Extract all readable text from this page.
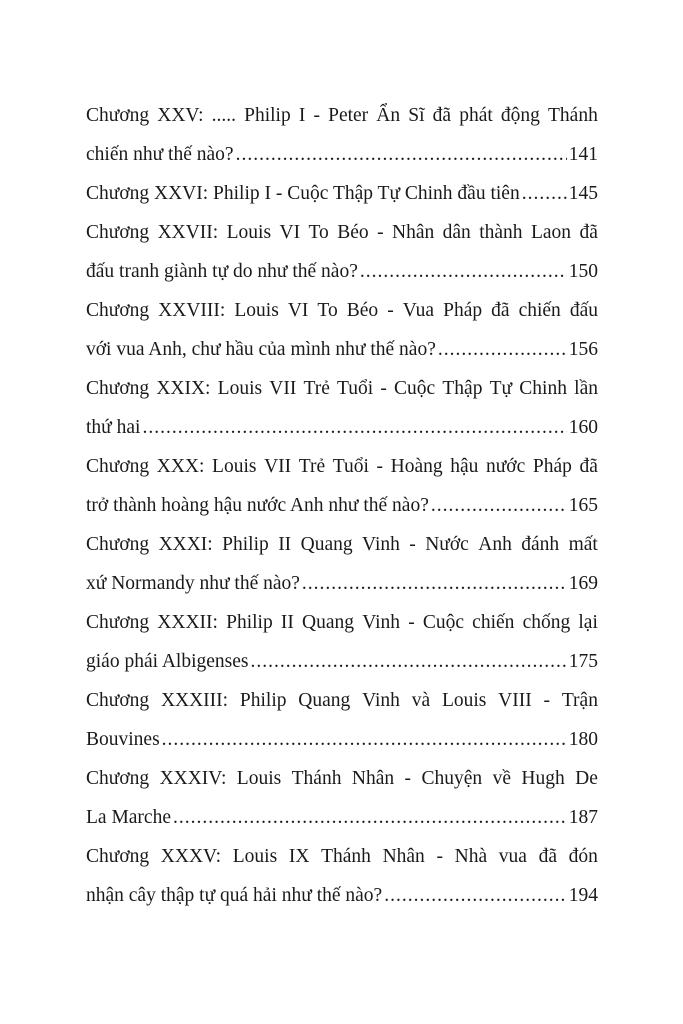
Chương XXV: ..... Philip I - Peter Ẩn Sĩ đã phát động Thánh
chiến như thế nào? .....	141
Chương XXVI: Philip I - Cuộc Thập Tự Chinh đầu tiên .....	145
Chương XXVII: Louis VI To Béo - Nhân dân thành Laon đã
đấu tranh giành tự do như thế nào? .....	150
Chương XXVIII: Louis VI To Béo - Vua Pháp đã chiến đấu
với vua Anh, chư hầu của mình như thế nào? .....	156
Chương XXIX: Louis VII Trẻ Tuổi - Cuộc Thập Tự Chinh lần
thứ hai .....	160
Chương XXX: Louis VII Trẻ Tuổi - Hoàng hậu nước Pháp đã
trở thành hoàng hậu nước Anh như thế nào? .....	165
Chương XXXI: Philip II Quang Vinh - Nước Anh đánh mất
xứ Normandy như thế nào? .....	169
Chương XXXII: Philip II Quang Vinh - Cuộc chiến chống lại
giáo phái Albigenses .....	175
Chương XXXIII: Philip Quang Vinh và Louis VIII - Trận
Bouvines .....	180
Chương XXXIV: Louis Thánh Nhân - Chuyện về Hugh De
La Marche .....	187
Chương XXXV: Louis IX Thánh Nhân - Nhà vua đã đón
nhận cây thập tự quá hải như thế nào? .....	194
